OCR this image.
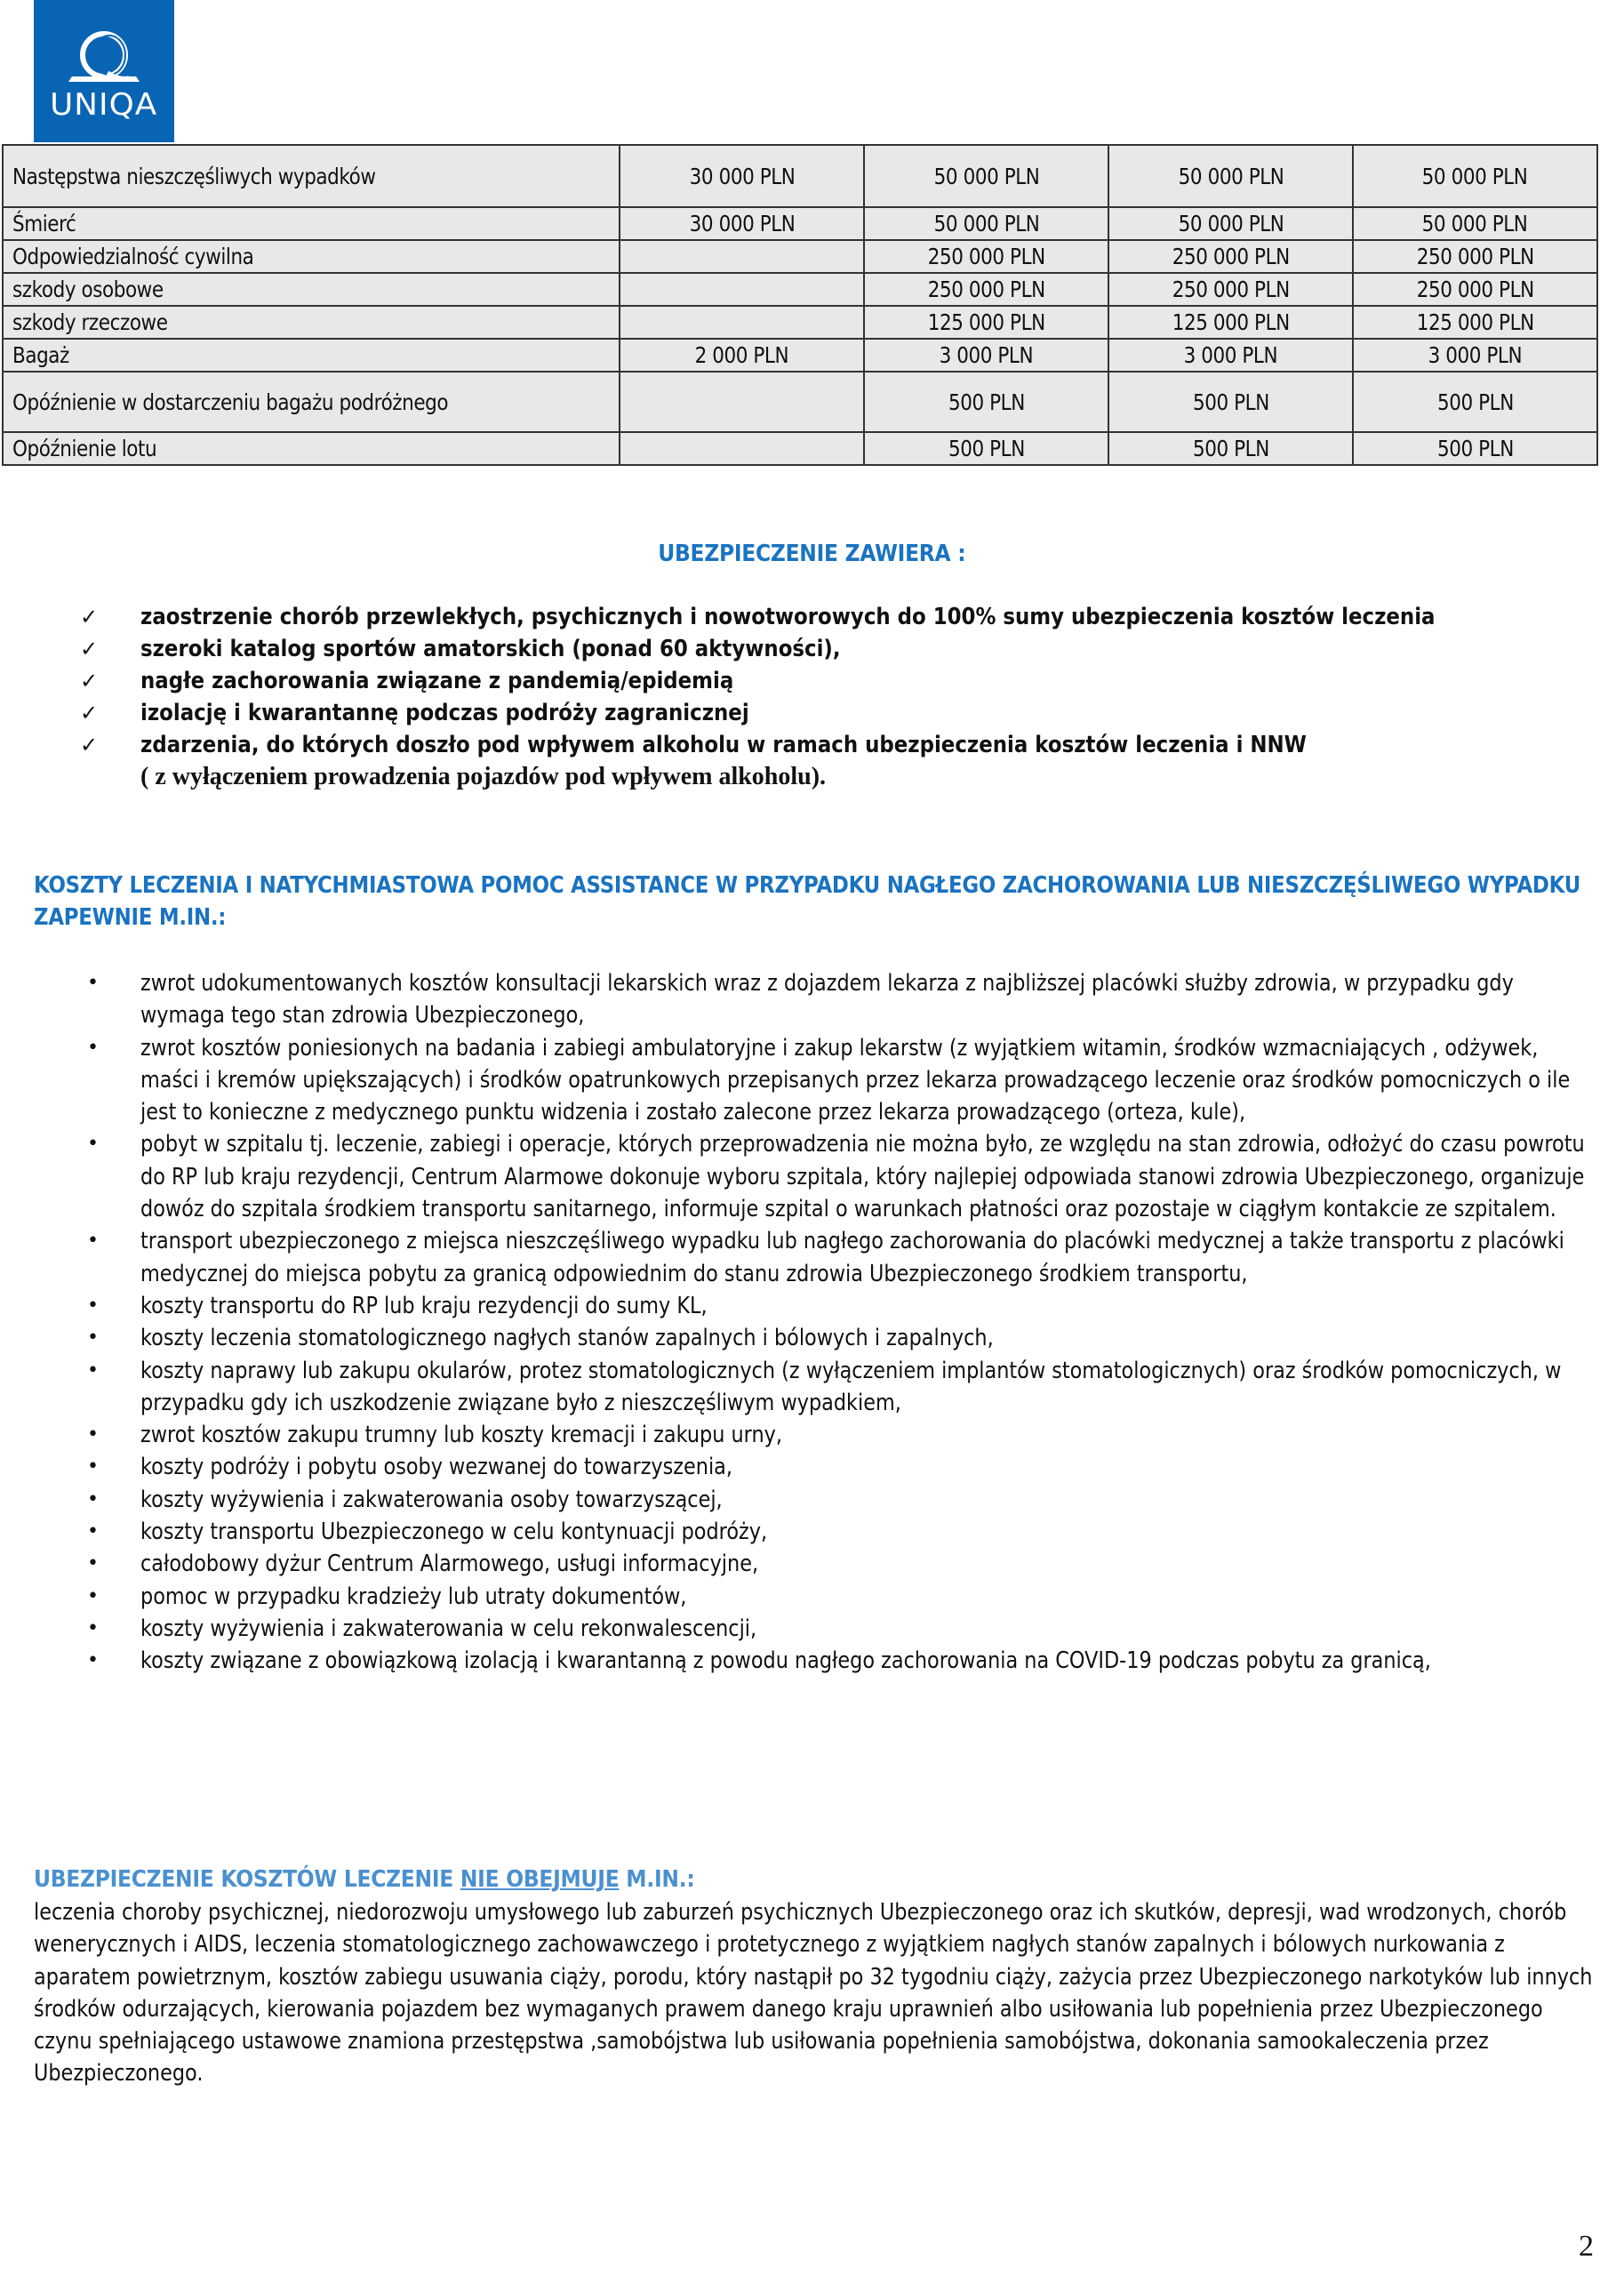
UNIQA
Następstwa nieszczęśliwych wypadków	30 000 PLN	50 000 PLN	50 000 PLN	50 000 PLN
Śmierć	30 000 PLN	50 000 PLN	50 000 PLN	50 000 PLN
Odpowiedzialność cywilna		250 000 PLN	250 000 PLN	250 000 PLN
szkody osobowe		250 000 PLN	250 000 PLN	250 000 PLN
szkody rzeczowe		125 000 PLN	125 000 PLN	125 000 PLN
Bagaż	2 000 PLN	3 000 PLN	3 000 PLN	3 000 PLN
Opóźnienie w dostarczeniu bagażu podróżnego		500 PLN	500 PLN	500 PLN
Opóźnienie lotu		500 PLN	500 PLN	500 PLN
UBEZPIECZENIE ZAWIERA :
✓ zaostrzenie chorób przewlekłych, psychicznych i nowotworowych do 100% sumy ubezpieczenia kosztów leczenia
✓ szeroki katalog sportów amatorskich (ponad 60 aktywności),
✓ nagłe zachorowania związane z pandemią/epidemią
✓ izolację i kwarantannę podczas podróży zagranicznej
✓ zdarzenia, do których doszło pod wpływem alkoholu w ramach ubezpieczenia kosztów leczenia i NNW
( z wyłączeniem prowadzenia pojazdów pod wpływem alkoholu).
KOSZTY LECZENIA I NATYCHMIASTOWA POMOC ASSISTANCE W PRZYPADKU NAGŁEGO ZACHOROWANIA LUB NIESZCZĘŚLIWEGO WYPADKU ZAPEWNIE M.IN.:
• zwrot udokumentowanych kosztów konsultacji lekarskich wraz z dojazdem lekarza z najbliższej placówki służby zdrowia, w przypadku gdy wymaga tego stan zdrowia Ubezpieczonego,
• zwrot kosztów poniesionych na badania i zabiegi ambulatoryjne i zakup lekarstw (z wyjątkiem witamin, środków wzmacniających , odżywek, maści i kremów upiększających) i środków opatrunkowych przepisanych przez lekarza prowadzącego leczenie oraz środków pomocniczych o ile jest to konieczne z medycznego punktu widzenia i zostało zalecone przez lekarza prowadzącego (orteza, kule),
• pobyt w szpitalu tj. leczenie, zabiegi i operacje, których przeprowadzenia nie można było, ze względu na stan zdrowia, odłożyć do czasu powrotu do RP lub kraju rezydencji, Centrum Alarmowe dokonuje wyboru szpitala, który najlepiej odpowiada stanowi zdrowia Ubezpieczonego, organizuje dowóz do szpitala środkiem transportu sanitarnego, informuje szpital o warunkach płatności oraz pozostaje w ciągłym kontakcie ze szpitalem.
• transport ubezpieczonego z miejsca nieszczęśliwego wypadku lub nagłego zachorowania do placówki medycznej a także transportu z placówki medycznej do miejsca pobytu za granicą odpowiednim do stanu zdrowia Ubezpieczonego środkiem transportu,
• koszty transportu do RP lub kraju rezydencji do sumy KL,
• koszty leczenia stomatologicznego nagłych stanów zapalnych i bólowych i zapalnych,
• koszty naprawy lub zakupu okularów, protez stomatologicznych (z wyłączeniem implantów stomatologicznych) oraz środków pomocniczych, w przypadku gdy ich uszkodzenie związane było z nieszczęśliwym wypadkiem,
• zwrot kosztów zakupu trumny lub koszty kremacji i zakupu urny,
• koszty podróży i pobytu osoby wezwanej do towarzyszenia,
• koszty wyżywienia i zakwaterowania osoby towarzyszącej,
• koszty transportu Ubezpieczonego w celu kontynuacji podróży,
• całodobowy dyżur Centrum Alarmowego, usługi informacyjne,
• pomoc w przypadku kradzieży lub utraty dokumentów,
• koszty wyżywienia i zakwaterowania w celu rekonwalescencji,
• koszty związane z obowiązkową izolacją i kwarantanną z powodu nagłego zachorowania na COVID-19 podczas pobytu za granicą,
UBEZPIECZENIE KOSZTÓW LECZENIE NIE OBEJMUJE M.IN.:
leczenia choroby psychicznej, niedorozwoju umysłowego lub zaburzeń psychicznych Ubezpieczonego oraz ich skutków, depresji, wad wrodzonych, chorób wenerycznych i AIDS, leczenia stomatologicznego zachowawczego i protetycznego z wyjątkiem nagłych stanów zapalnych i bólowych nurkowania z aparatem powietrznym, kosztów zabiegu usuwania ciąży, porodu, który nastąpił po 32 tygodniu ciąży, zażycia przez Ubezpieczonego narkotyków lub innych środków odurzających, kierowania pojazdem bez wymaganych prawem danego kraju uprawnień albo usiłowania lub popełnienia przez Ubezpieczonego czynu spełniającego ustawowe znamiona przestępstwa ,samobójstwa lub usiłowania popełnienia samobójstwa, dokonania samookaleczenia przez Ubezpieczonego.
2
